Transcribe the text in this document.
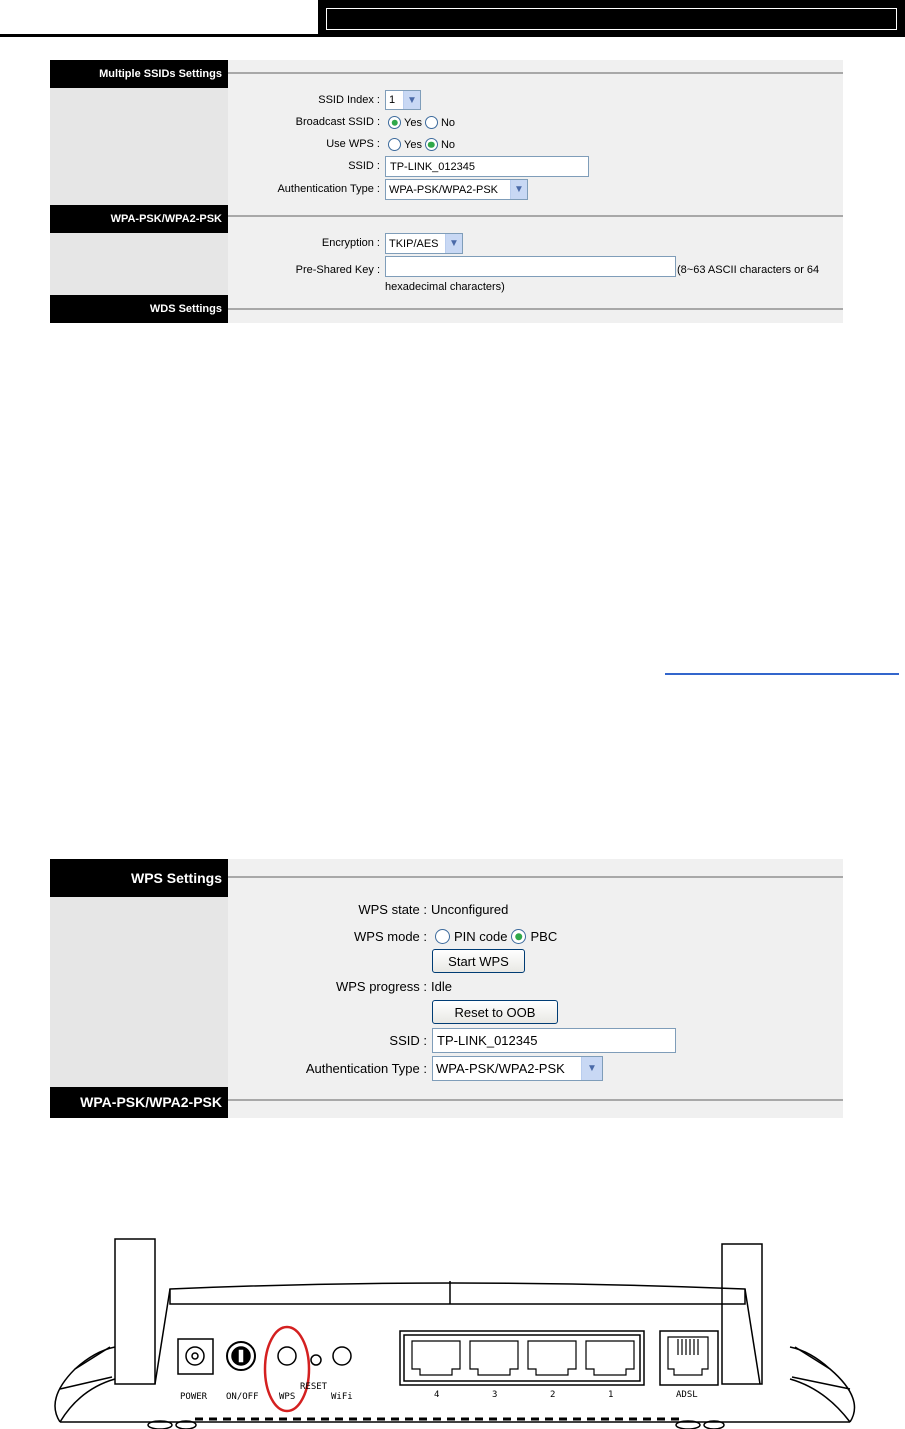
Multiple SSIDs Settings
SSID Index : 1	▼
Broadcast SSID : Yes No
Use WPS : Yes No
SSID : TP-LINK_012345
Authentication Type : WPA-PSK/WPA2-PSK	▼
WPA-PSK/WPA2-PSK
Encryption : TKIP/AES	▼
Pre-Shared Key :	(8~63 ASCII characters or 64
hexadecimal characters)
WDS Settings
WPS Settings
WPS state : Unconfigured
WPS mode : PIN code PBC
Start WPS
WPS progress : Idle
Reset to OOB
SSID : TP-LINK_012345
Authentication Type : WPA-PSK/WPA2-PSK	▼
WPA-PSK/WPA2-PSK
POWER ON/OFF WPS
RESET
WiFi	4	3	2	1	ADSL
